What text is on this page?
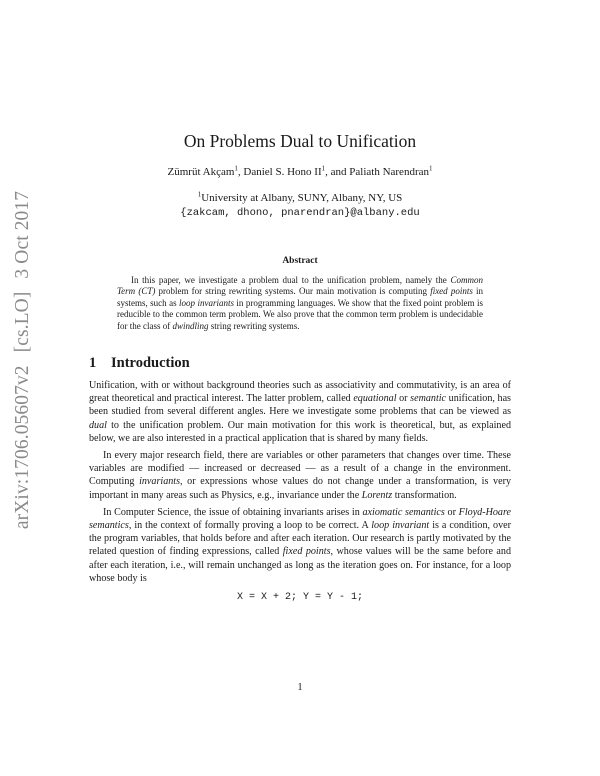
arXiv:1706.05607v2 [cs.LO] 3 Oct 2017
On Problems Dual to Unification
Zümrüt Akçam$^1$, Daniel S. Hono $II^1$, and Paliath Narendran$^1$
$^1$University at Albany, SUNY, Albany, NY, US
{zakcam, dhono, pnarendran}@albany.edu
Abstract
In this paper, we investigate a problem dual to the unification problem, namely the Common Term (CT) problem for string rewriting systems. Our main motivation is computing fixed points in systems, such as loop invariants in programming languages. We show that the fixed point problem is reducible to the common term problem. We also prove that the common term problem is undecidable for the class of dwindling string rewriting systems.
1 Introduction

Unification, with or without background theories such as associativity and commutativity, is an area of great theoretical and practical interest. The latter problem, called equational or semantic unification, has been studied from several different angles. Here we investigate some problems that can be viewed as dual to the unification problem. Our main motivation for this work is theoretical, but, as explained below, we are also interested in a practical application that is shared by many fields.

In every major research field, there are variables or other parameters that changes over time. These variables are modified — increased or decreased — as a result of a change in the environment. Computing invariants, or expressions whose values do not change under a transformation, is very important in many areas such as Physics, e.g., invariance under the Lorentz transformation.

In Computer Science, the issue of obtaining invariants arises in axiomatic semantics or Floyd-Hoare semantics, in the context of formally proving a loop to be correct. A loop invariant is a condition, over the program variables, that holds before and after each iteration. Our research is partly motivated by the related question of finding expressions, called fixed points, whose values will be the same before and after each iteration, i.e., will remain unchanged as long as the iteration goes on. For instance, for a loop whose body is

X = X + 2; Y = Y - 1;
1
